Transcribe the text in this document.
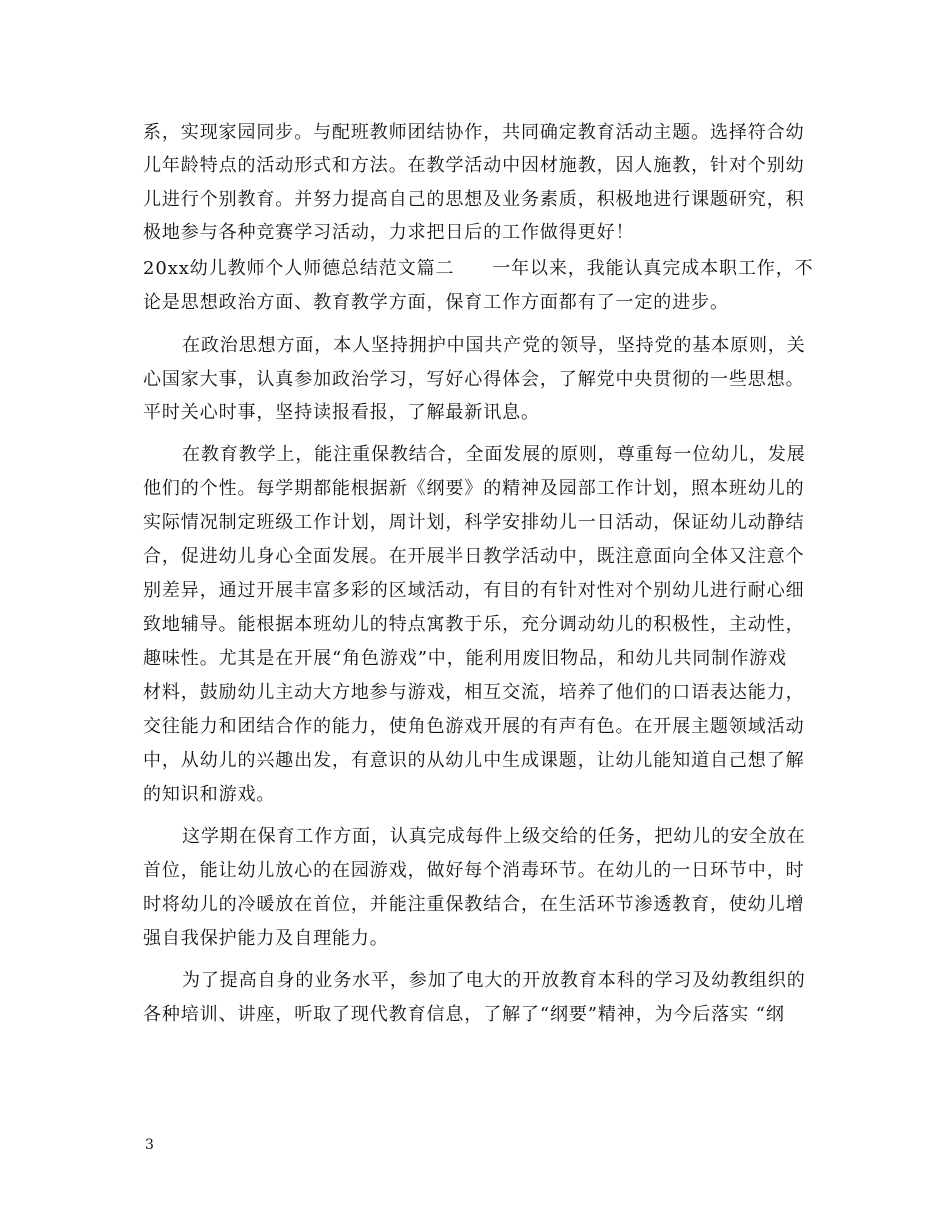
系，实现家园同步。与配班教师团结协作，共同确定教育活动主题。选择符合幼
儿年龄特点的活动形式和方法。在教学活动中因材施教，因人施教，针对个别幼
儿进行个别教育。并努力提高自己的思想及业务素质，积极地进行课题研究，积
极地参与各种竞赛学习活动，力求把日后的工作做得更好！
20xx幼儿教师个人师德总结范文篇二　　一年以来，我能认真完成本职工作，不
论是思想政治方面、教育教学方面，保育工作方面都有了一定的进步。
在政治思想方面，本人坚持拥护中国共产党的领导，坚持党的基本原则，关
心国家大事，认真参加政治学习，写好心得体会，了解党中央贯彻的一些思想。
平时关心时事，坚持读报看报，了解最新讯息。
在教育教学上，能注重保教结合，全面发展的原则，尊重每一位幼儿，发展
他们的个性。每学期都能根据新《纲要》的精神及园部工作计划，照本班幼儿的
实际情况制定班级工作计划，周计划，科学安排幼儿一日活动，保证幼儿动静结
合，促进幼儿身心全面发展。在开展半日教学活动中，既注意面向全体又注意个
别差异，通过开展丰富多彩的区域活动，有目的有针对性对个别幼儿进行耐心细
致地辅导。能根据本班幼儿的特点寓教于乐，充分调动幼儿的积极性，主动性，
趣味性。尤其是在开展“角色游戏”中，能利用废旧物品，和幼儿共同制作游戏
材料，鼓励幼儿主动大方地参与游戏，相互交流，培养了他们的口语表达能力，
交往能力和团结合作的能力，使角色游戏开展的有声有色。在开展主题领域活动
中，从幼儿的兴趣出发，有意识的从幼儿中生成课题，让幼儿能知道自己想了解
的知识和游戏。
这学期在保育工作方面，认真完成每件上级交给的任务，把幼儿的安全放在
首位，能让幼儿放心的在园游戏，做好每个消毒环节。在幼儿的一日环节中，时
时将幼儿的冷暖放在首位，并能注重保教结合，在生活环节渗透教育，使幼儿增
强自我保护能力及自理能力。
为了提高自身的业务水平，参加了电大的开放教育本科的学习及幼教组织的
各种培训、讲座，听取了现代教育信息，了解了“纲要”精神，为今后落实 “纲
3
